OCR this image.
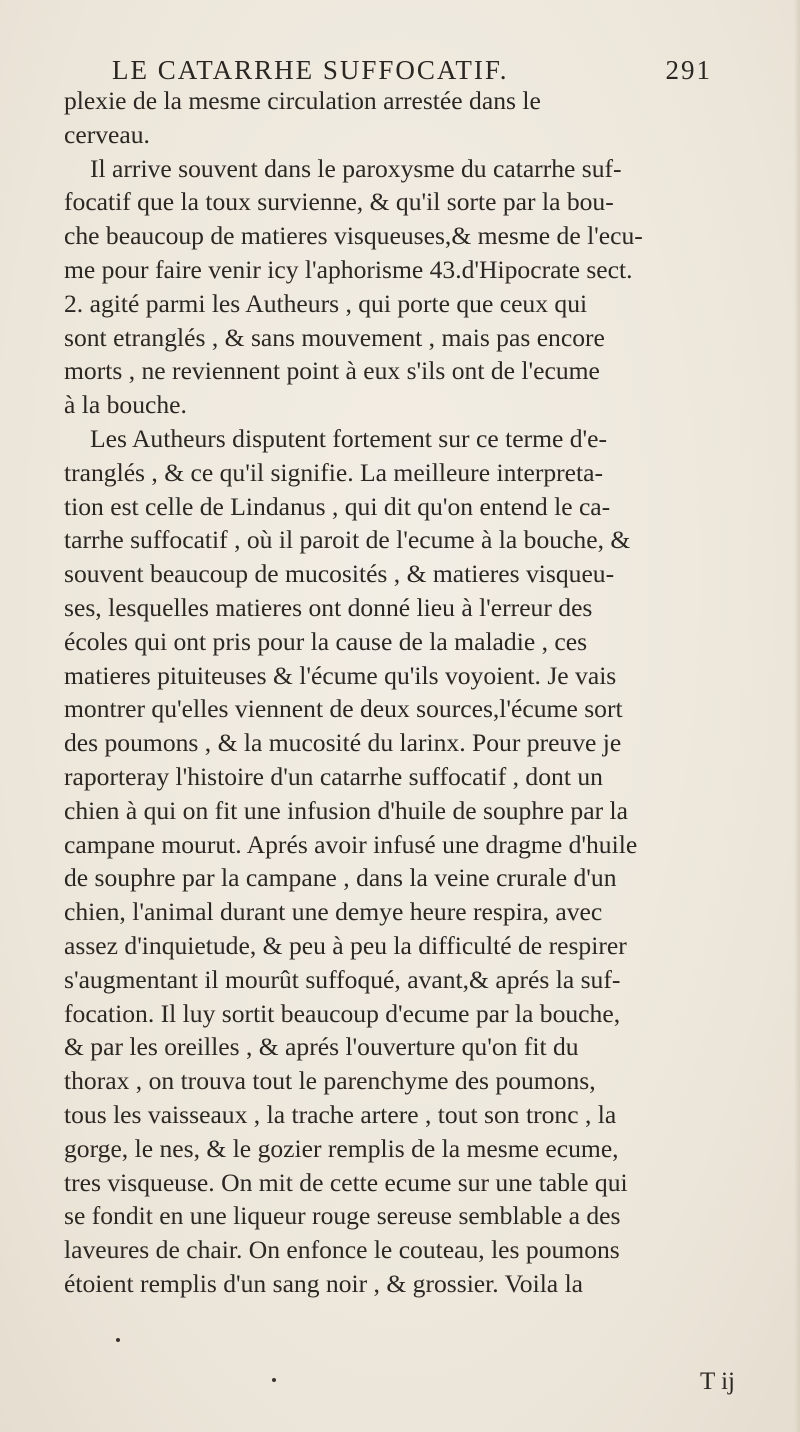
LE CATARRHE SUFFOCATIF.	291
plexie de la mesme circulation arrestée dans le
cerveau.
Il arrive souvent dans le paroxysme du catarrhe suf-
focatif que la toux survienne, & qu'il sorte par la bou-
che beaucoup de matieres visqueuses,& mesme de l'ecu-
me pour faire venir icy l'aphorisme 43.d'Hipocrate sect.
2. agité parmi les Autheurs , qui porte que ceux qui
sont etranglés , & sans mouvement , mais pas encore
morts , ne reviennent point à eux s'ils ont de l'ecume
à la bouche.
Les Autheurs disputent fortement sur ce terme d'e-
tranglés , & ce qu'il signifie. La meilleure interpreta-
tion est celle de Lindanus , qui dit qu'on entend le ca-
tarrhe suffocatif , où il paroit de l'ecume à la bouche, &
souvent beaucoup de mucosités , & matieres visqueu-
ses, lesquelles matieres ont donné lieu à l'erreur des
écoles qui ont pris pour la cause de la maladie , ces
matieres pituiteuses & l'écume qu'ils voyoient. Je vais
montrer qu'elles viennent de deux sources,l'écume sort
des poumons , & la mucosité du larinx. Pour preuve je
raporteray l'histoire d'un catarrhe suffocatif , dont un
chien à qui on fit une infusion d'huile de souphre par la
campane mourut. Aprés avoir infusé une dragme d'huile
de souphre par la campane , dans la veine crurale d'un
chien, l'animal durant une demye heure respira, avec
assez d'inquietude, & peu à peu la difficulté de respirer
s'augmentant il mourût suffoqué, avant,& aprés la suf-
focation. Il luy sortit beaucoup d'ecume par la bouche,
& par les oreilles , & aprés l'ouverture qu'on fit du
thorax , on trouva tout le parenchyme des poumons,
tous les vaisseaux , la trache artere , tout son tronc , la
gorge, le nes, & le gozier remplis de la mesme ecume,
tres visqueuse. On mit de cette ecume sur une table qui
se fondit en une liqueur rouge sereuse semblable a des
laveures de chair. On enfonce le couteau, les poumons
étoient remplis d'un sang noir , & grossier. Voila la
T ij
